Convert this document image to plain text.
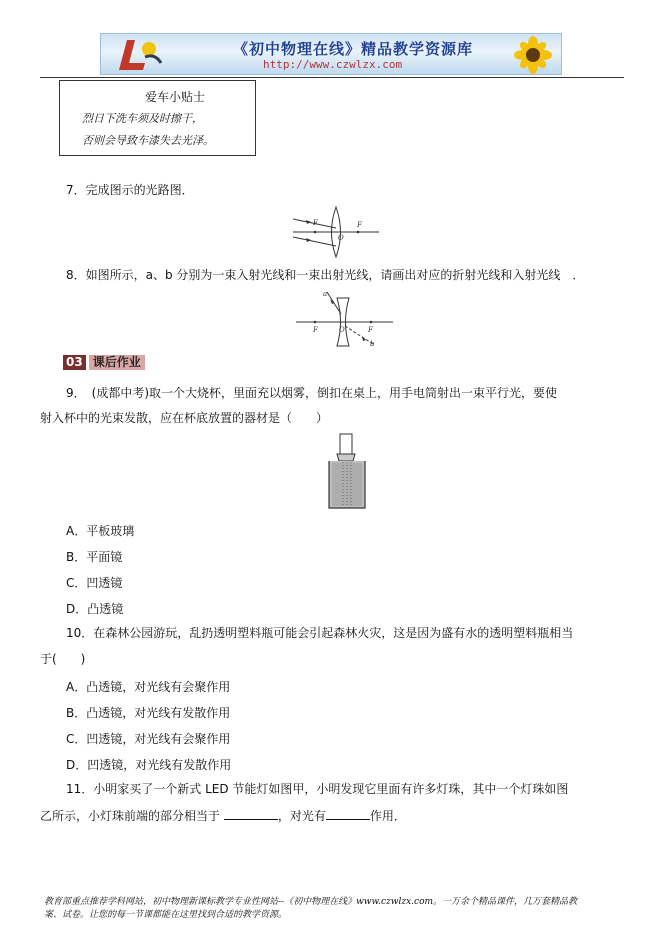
《初中物理在线》精品教学资源库
http://www.czwlzx.com
爱车小贴士
烈日下洗车须及时擦干，
否则会导致车漆失去光泽。
7．完成图示的光路图．
F
O
F
8．如图所示，a、b 分别为一束入射光线和一束出射光线，请画出对应的折射光线和入射光线　．
a
b
F	O	F
03 课后作业
9．　(成都中考)取一个大烧杯，里面充以烟雾，倒扣在桌上，用手电筒射出一束平行光，要使
射入杯中的光束发散，应在杯底放置的器材是（　　）
A．平板玻璃
B．平面镜
C．凹透镜
D．凸透镜
10．在森林公园游玩，乱扔透明塑料瓶可能会引起森林火灾，这是因为盛有水的透明塑料瓶相当
于(　　)
A．凸透镜，对光线有会聚作用
B．凸透镜，对光线有发散作用
C．凹透镜，对光线有会聚作用
D．凹透镜，对光线有发散作用
11．小明家买了一个新式 LED 节能灯如图甲，小明发现它里面有许多灯珠，其中一个灯珠如图
乙所示，小灯珠前端的部分相当于	，对光有	作用．
教育部重点推荐学科网站，初中物理新课标教学专业性网站--《初中物理在线》www.czwlzx.com。一万余个精品课件，几万套精品教
案、试卷。让您的每一节课都能在这里找到合适的教学资源。
